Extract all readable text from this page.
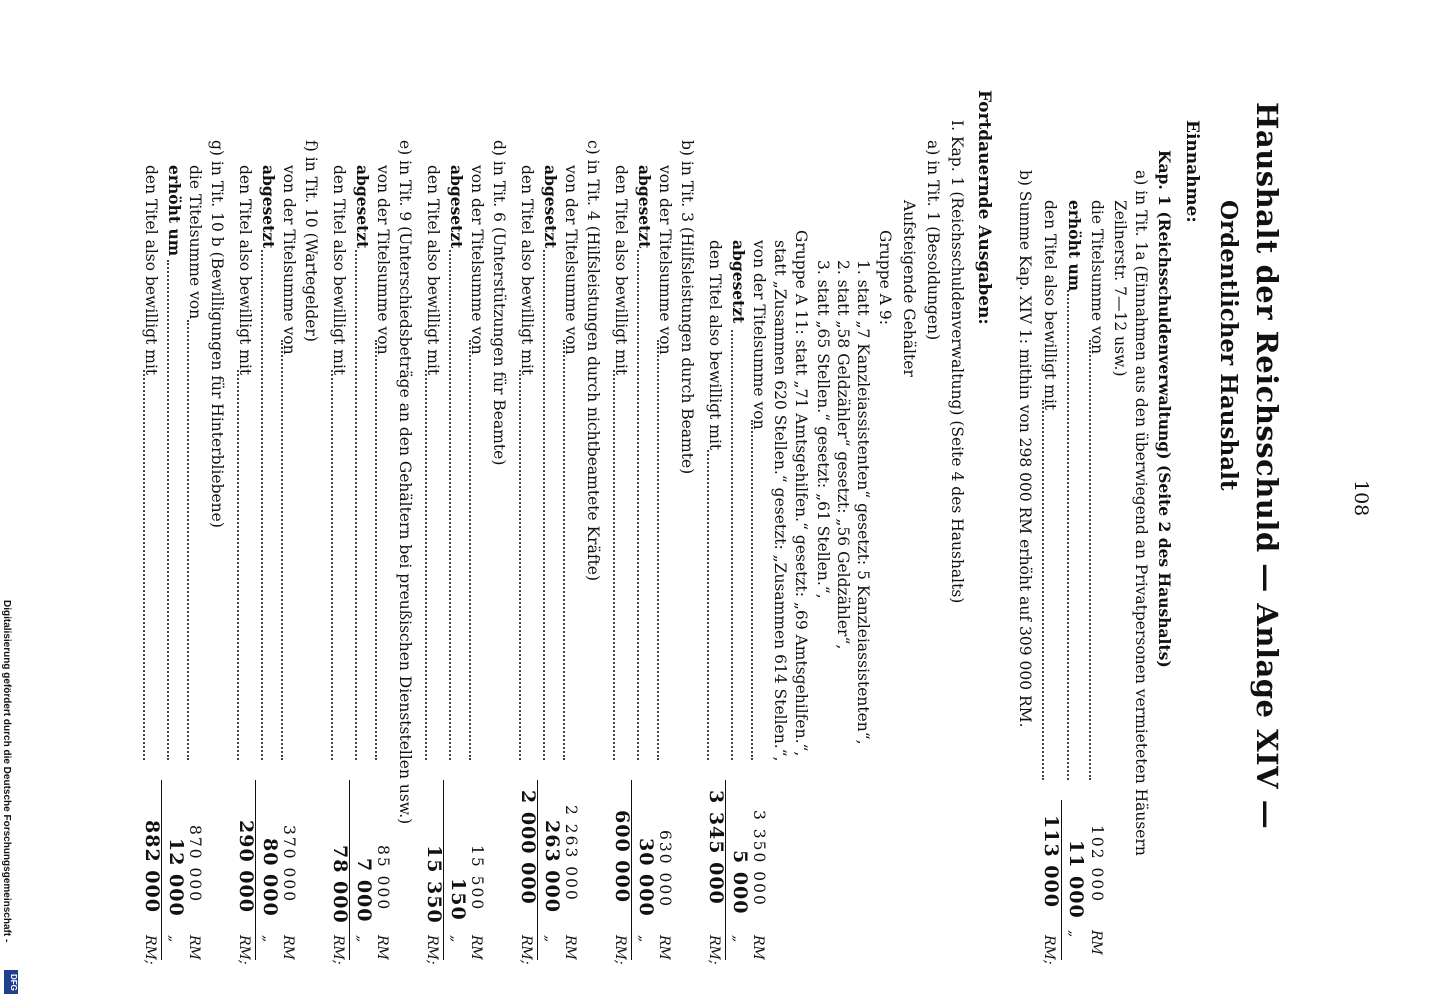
108
Haushalt der Reichsschuld — Anlage XIV —
Ordentlicher Haushalt
Einnahme:
Kap. 1 (Reichsschuldenverwaltung) (Seite 2 des Haushalts)
a) in Tit. 1a (Einnahmen aus den überwiegend an Privatpersonen vermieteten Häusern
Zeilnerstr. 7—12 usw.)
die Titelsumme von
102 000
RM
erhöht um
11 000
„
den Titel also bewilligt mit
113 000
RM;
b) Summe Kap. XIV 1: mithin von 298 000 RM erhöht auf 309 000 RM.
Fortdauernde Ausgaben:
I. Kap. 1 (Reichsschuldenverwaltung) (Seite 4 des Haushalts)
a) in Tit. 1 (Besoldungen)
Aufsteigende Gehälter
Gruppe A 9:
1. statt „7 Kanzleiassistenten“ gesetzt: 5 Kanzleiassistenten“,
2. statt „58 Geldzähler“ gesetzt: „56 Geldzähler“,
3. statt „65 Stellen.“ gesetzt: „61 Stellen.“,
Gruppe A 11: statt „71 Amtsgehilfen.“ gesetzt: „69 Amtsgehilfen.“,
statt „Zusammen 620 Stellen.“ gesetzt: „Zusammen 614 Stellen.“,
von der Titelsumme von
3 350 000
RM
abgesetzt
5 000
„
den Titel also bewilligt mit
3 345 000
RM;
b) in Tit. 3 (Hilfsleistungen durch Beamte)
von der Titelsumme von
630 000
RM
abgesetzt
30 000
„
den Titel also bewilligt mit
600 000
RM;
c) in Tit. 4 (Hilfsleistungen durch nichtbeamtete Kräfte)
von der Titelsumme von
2 263 000
RM
abgesetzt
263 000
„
den Titel also bewilligt mit
2 000 000
RM;
d) in Tit. 6 (Unterstützungen für Beamte)
von der Titelsumme von
15 500
RM
abgesetzt
150
„
den Titel also bewilligt mit
15 350
RM;
e) in Tit. 9 (Unterschiedsbeträge an den Gehältern bei preußischen Dienststellen usw.)
von der Titelsumme von
85 000
RM
abgesetzt
7 000
„
den Titel also bewilligt mit
78 000
RM;
f) in Tit. 10 (Wartegelder)
von der Titelsumme von
370 000
RM
abgesetzt
80 000
„
den Titel also bewilligt mit
290 000
RM;
g) in Tit. 10 b (Bewilligungen für Hinterbliebene)
die Titelsumme von
870 000
RM
erhöht um
12 000
„
den Titel also bewilligt mit
882 000
RM;
Digitalisierung gefördert durch die Deutsche Forschungsgemeinschaft -
DFG
